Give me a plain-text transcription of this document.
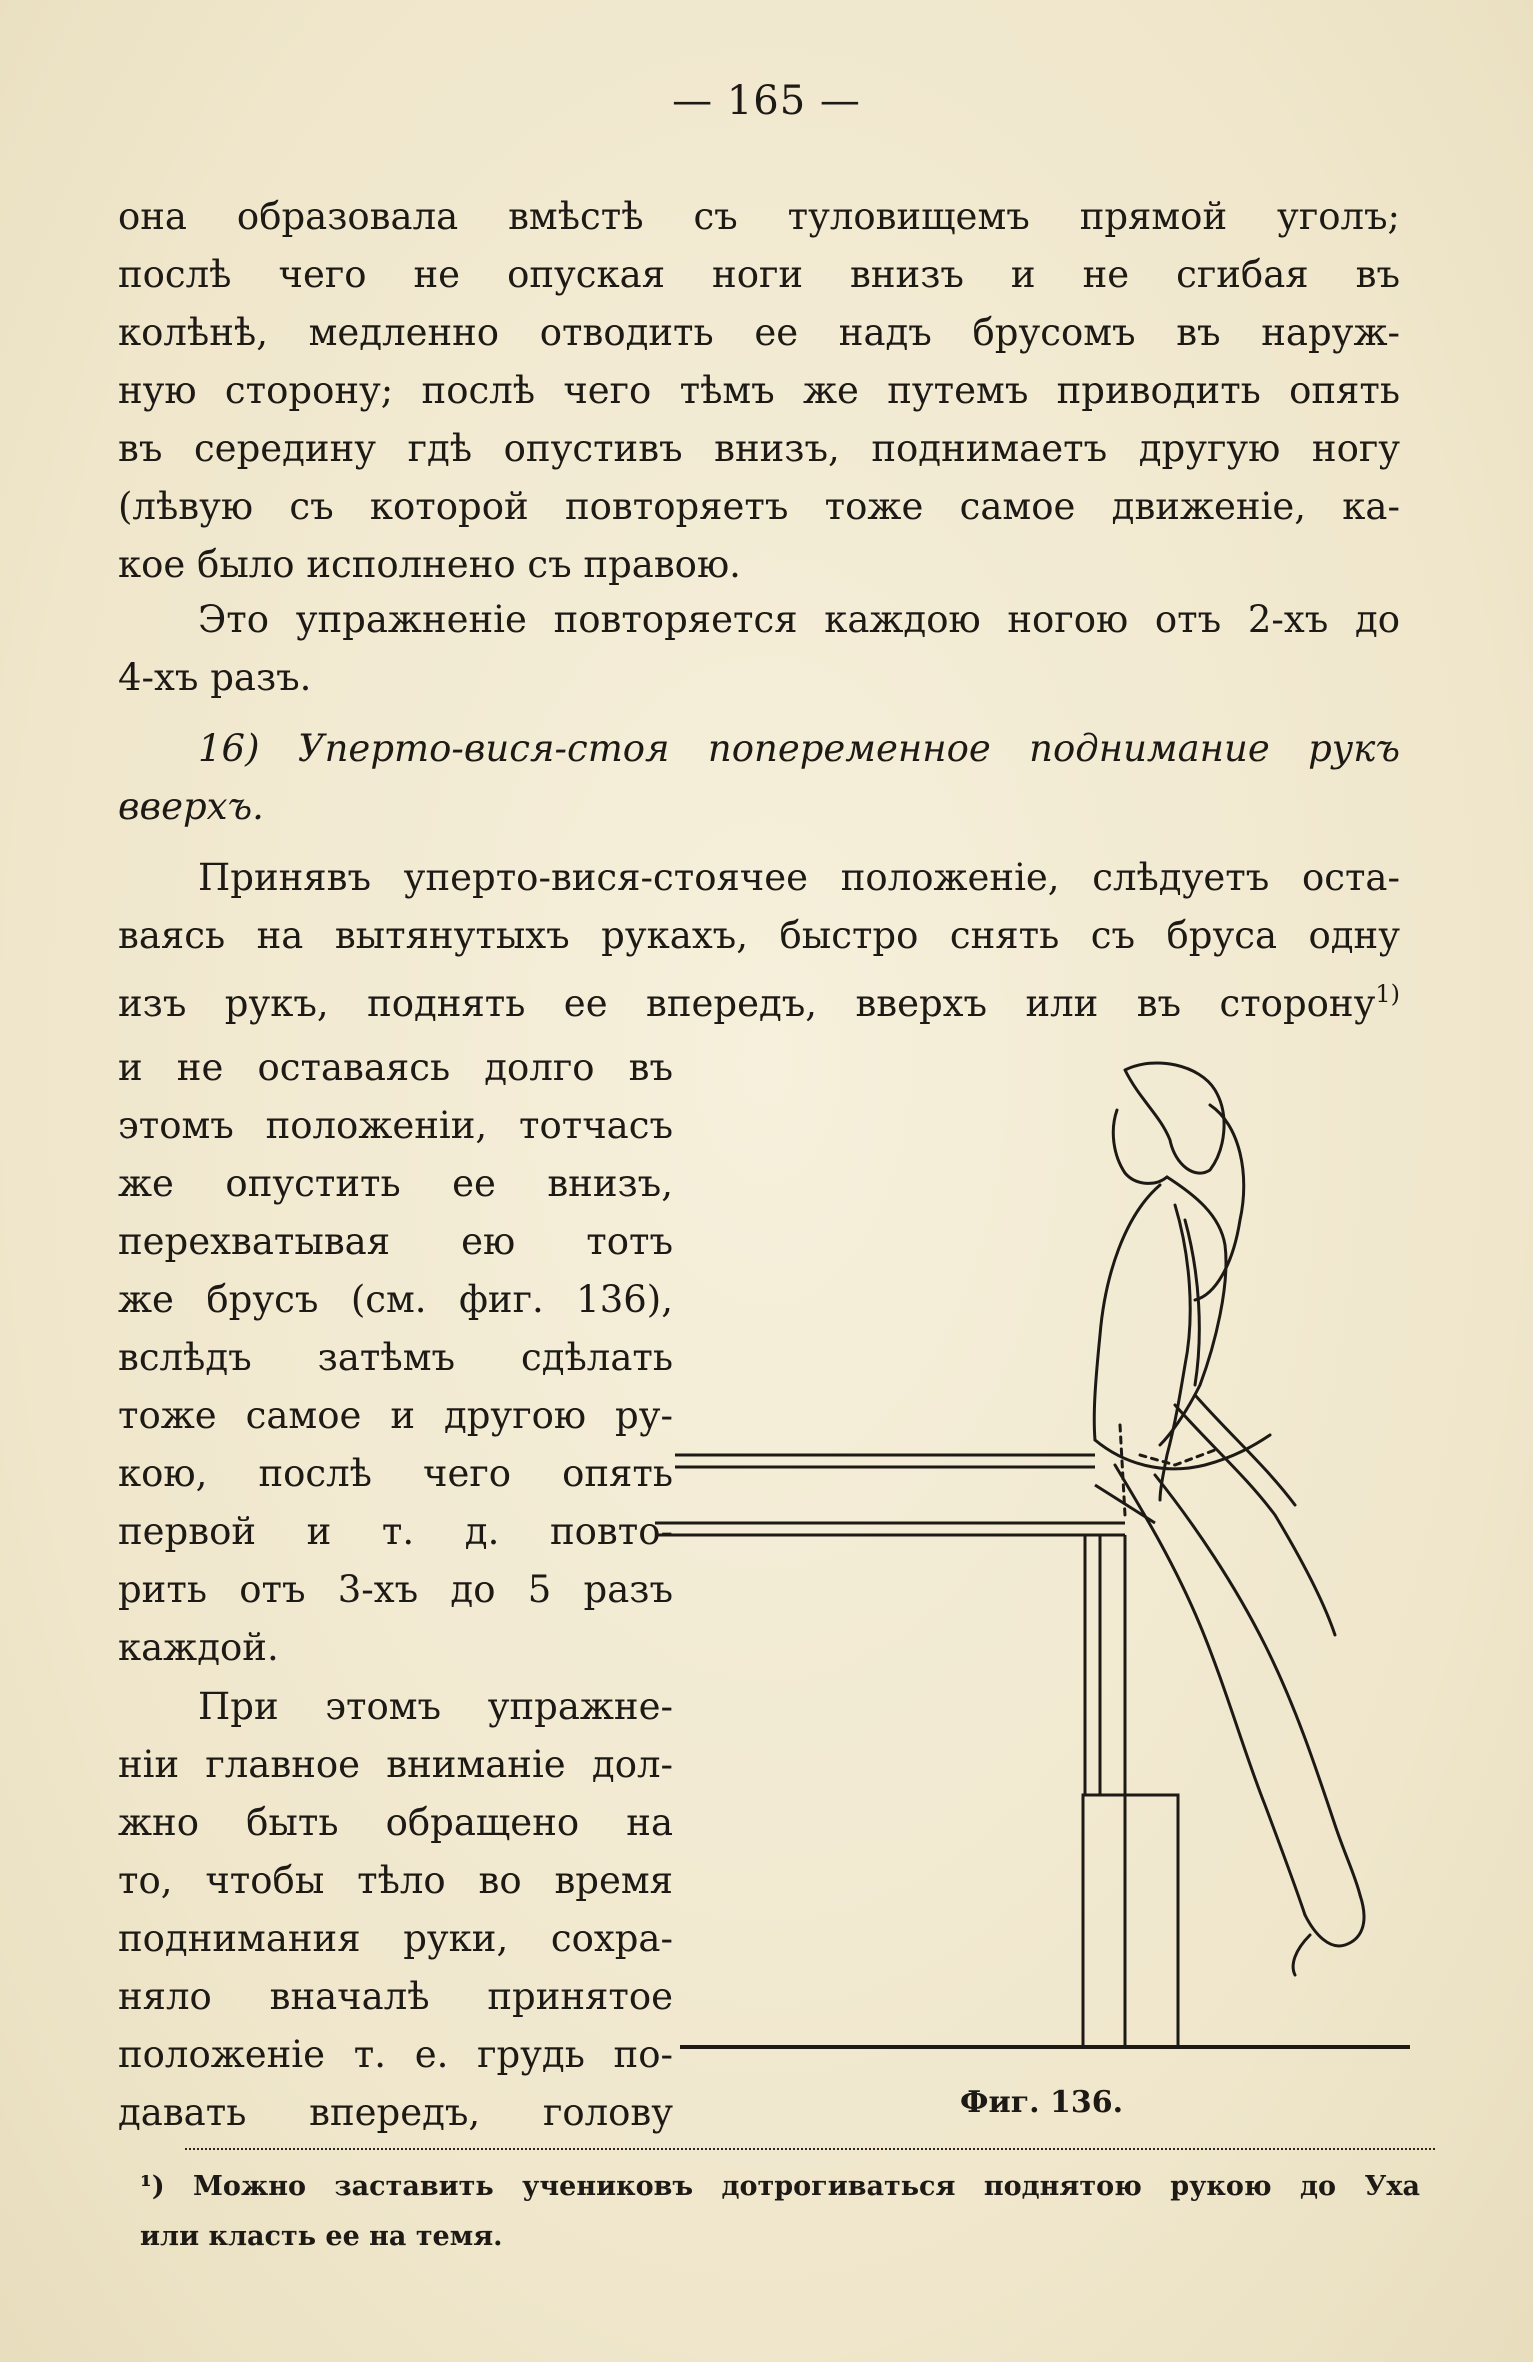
— 165 —
она образовала вмѣстѣ съ туловищемъ прямой уголъ;
послѣ чего не опуская ноги внизъ и не сгибая въ
колѣнѣ, медленно отводить ее надъ брусомъ въ наруж-
ную сторону; послѣ чего тѣмъ же путемъ приводить опять
въ середину гдѣ опустивъ внизъ, поднимаетъ другую ногу
(лѣвую съ которой повторяетъ тоже самое движеніе, ка-
кое было исполнено съ правою.
Это упражненіе повторяется каждою ногою отъ 2-хъ до
4-хъ разъ.
16) Уперто-вися-стоя попеременное поднимание рукъ
вверхъ.
Принявъ уперто-вися-стоячее положеніе, слѣдуетъ оста-
ваясь на вытянутыхъ рукахъ, быстро снять съ бруса одну
изъ рукъ, поднять ее впередъ, вверхъ или въ сторону$^{1)}$
и не оставаясь долго въ
этомъ положеніи, тотчасъ
же опустить ее внизъ,
перехватывая ею тотъ
же брусъ (см. фиг. 136),
вслѣдъ затѣмъ сдѣлать
тоже самое и другою ру-
кою, послѣ чего опять
первой и т. д. повто-
рить отъ 3-хъ до 5 разъ
каждой.
При этомъ упражне-
ніи главное вниманіе дол-
жно быть обращено на
то, чтобы тѣло во время
поднимания руки, сохра-
няло вначалѣ принятое
положеніе т. е. грудь по-
давать впередъ, голову	Фиг. 136.
¹) Можно заставить учениковъ дотрогиваться поднятою рукою до Уха
или класть ее на темя.
